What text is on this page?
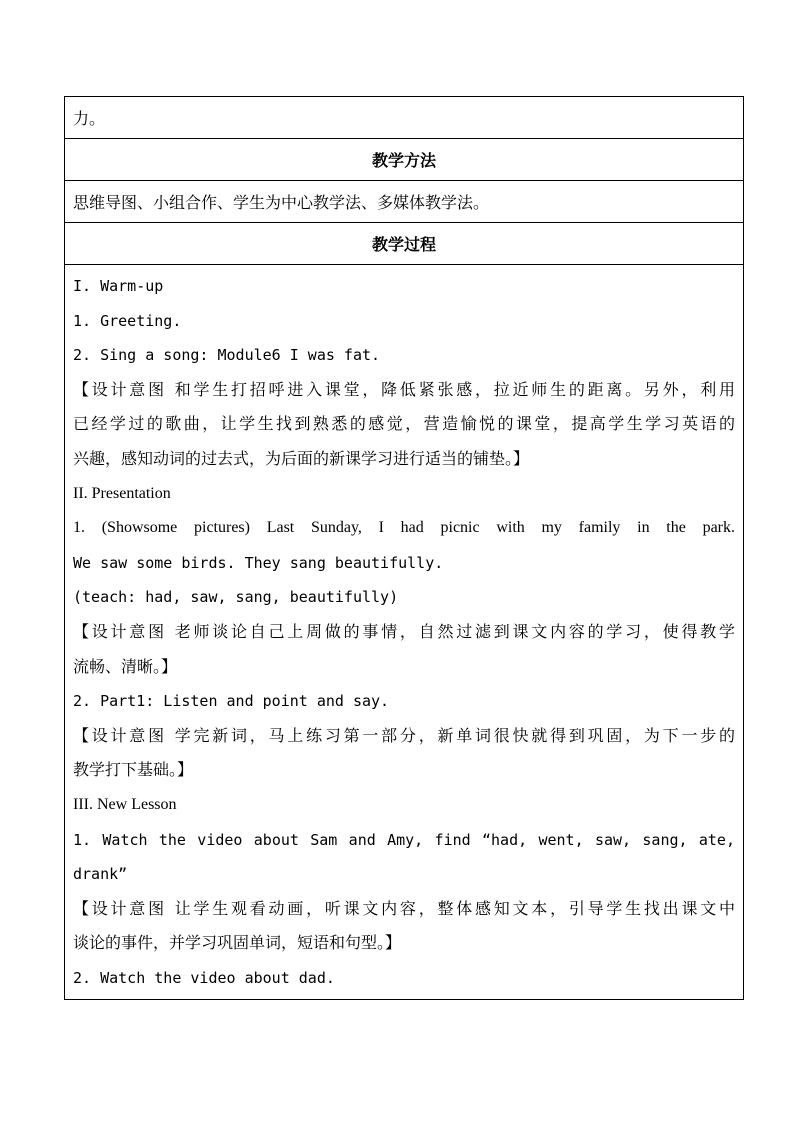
力。
教学方法
思维导图、小组合作、学生为中心教学法、多媒体教学法。
教学过程

I. Warm-up
1. Greeting.
2. Sing a song: Module6 I was fat.
【设计意图 和学生打招呼进入课堂，降低紧张感，拉近师生的距离。另外，利用
已经学过的歌曲，让学生找到熟悉的感觉，营造愉悦的课堂，提高学生学习英语的
兴趣，感知动词的过去式，为后面的新课学习进行适当的铺垫。】
II. Presentation
1. (Showsome pictures) Last Sunday, I had picnic with my family in the park.
We saw some birds. They sang beautifully.
(teach: had, saw, sang, beautifully)
【设计意图 老师谈论自己上周做的事情，自然过滤到课文内容的学习，使得教学
流畅、清晰。】
2. Part1: Listen and point and say.
【设计意图 学完新词，马上练习第一部分，新单词很快就得到巩固，为下一步的
教学打下基础。】
III. New Lesson
1. Watch the video about Sam and Amy, find “had, went, saw, sang, ate,
drank”
【设计意图 让学生观看动画，听课文内容，整体感知文本，引导学生找出课文中
谈论的事件，并学习巩固单词，短语和句型。】
2. Watch the video about dad.
